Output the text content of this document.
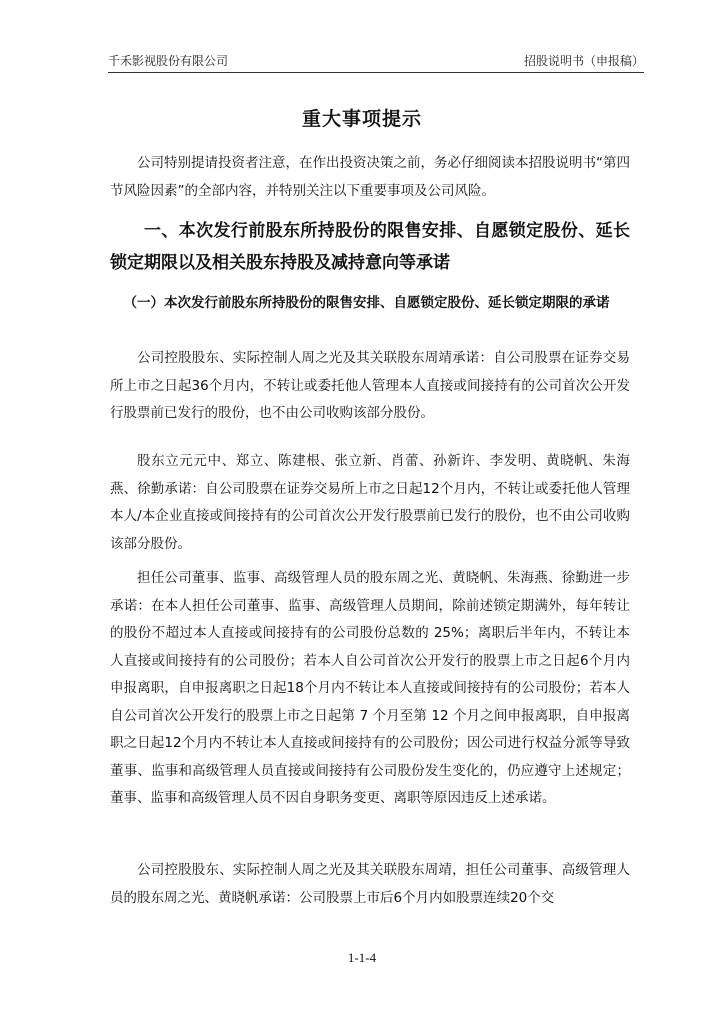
千禾影视股份有限公司	招股说明书（申报稿）
重大事项提示

公司特别提请投资者注意，在作出投资决策之前，务必仔细阅读本招股说明书“第四节风险因素”的全部内容，并特别关注以下重要事项及公司风险。

一、本次发行前股东所持股份的限售安排、自愿锁定股份、延长锁定期限以及相关股东持股及减持意向等承诺
（一）本次发行前股东所持股份的限售安排、自愿锁定股份、延长锁定期限的承诺

公司控股股东、实际控制人周之光及其关联股东周靖承诺：自公司股票在证券交易所上市之日起36个月内，不转让或委托他人管理本人直接或间接持有的公司首次公开发行股票前已发行的股份，也不由公司收购该部分股份。

股东立元元中、郑立、陈建根、张立新、肖蕾、孙新许、李发明、黄晓帆、朱海燕、徐勤承诺：自公司股票在证券交易所上市之日起12个月内，不转让或委托他人管理本人/本企业直接或间接持有的公司首次公开发行股票前已发行的股份，也不由公司收购该部分股份。

担任公司董事、监事、高级管理人员的股东周之光、黄晓帆、朱海燕、徐勤进一步承诺：在本人担任公司董事、监事、高级管理人员期间，除前述锁定期满外，每年转让的股份不超过本人直接或间接持有的公司股份总数的 25%；离职后半年内，不转让本人直接或间接持有的公司股份；若本人自公司首次公开发行的股票上市之日起6个月内申报离职，自申报离职之日起18个月内不转让本人直接或间接持有的公司股份；若本人自公司首次公开发行的股票上市之日起第 7 个月至第 12 个月之间申报离职，自申报离职之日起12个月内不转让本人直接或间接持有的公司股份；因公司进行权益分派等导致董事、监事和高级管理人员直接或间接持有公司股份发生变化的，仍应遵守上述规定；董事、监事和高级管理人员不因自身职务变更、离职等原因违反上述承诺。

公司控股股东、实际控制人周之光及其关联股东周靖，担任公司董事、高级管理人员的股东周之光、黄晓帆承诺：公司股票上市后6个月内如股票连续20个交

1-1-4
